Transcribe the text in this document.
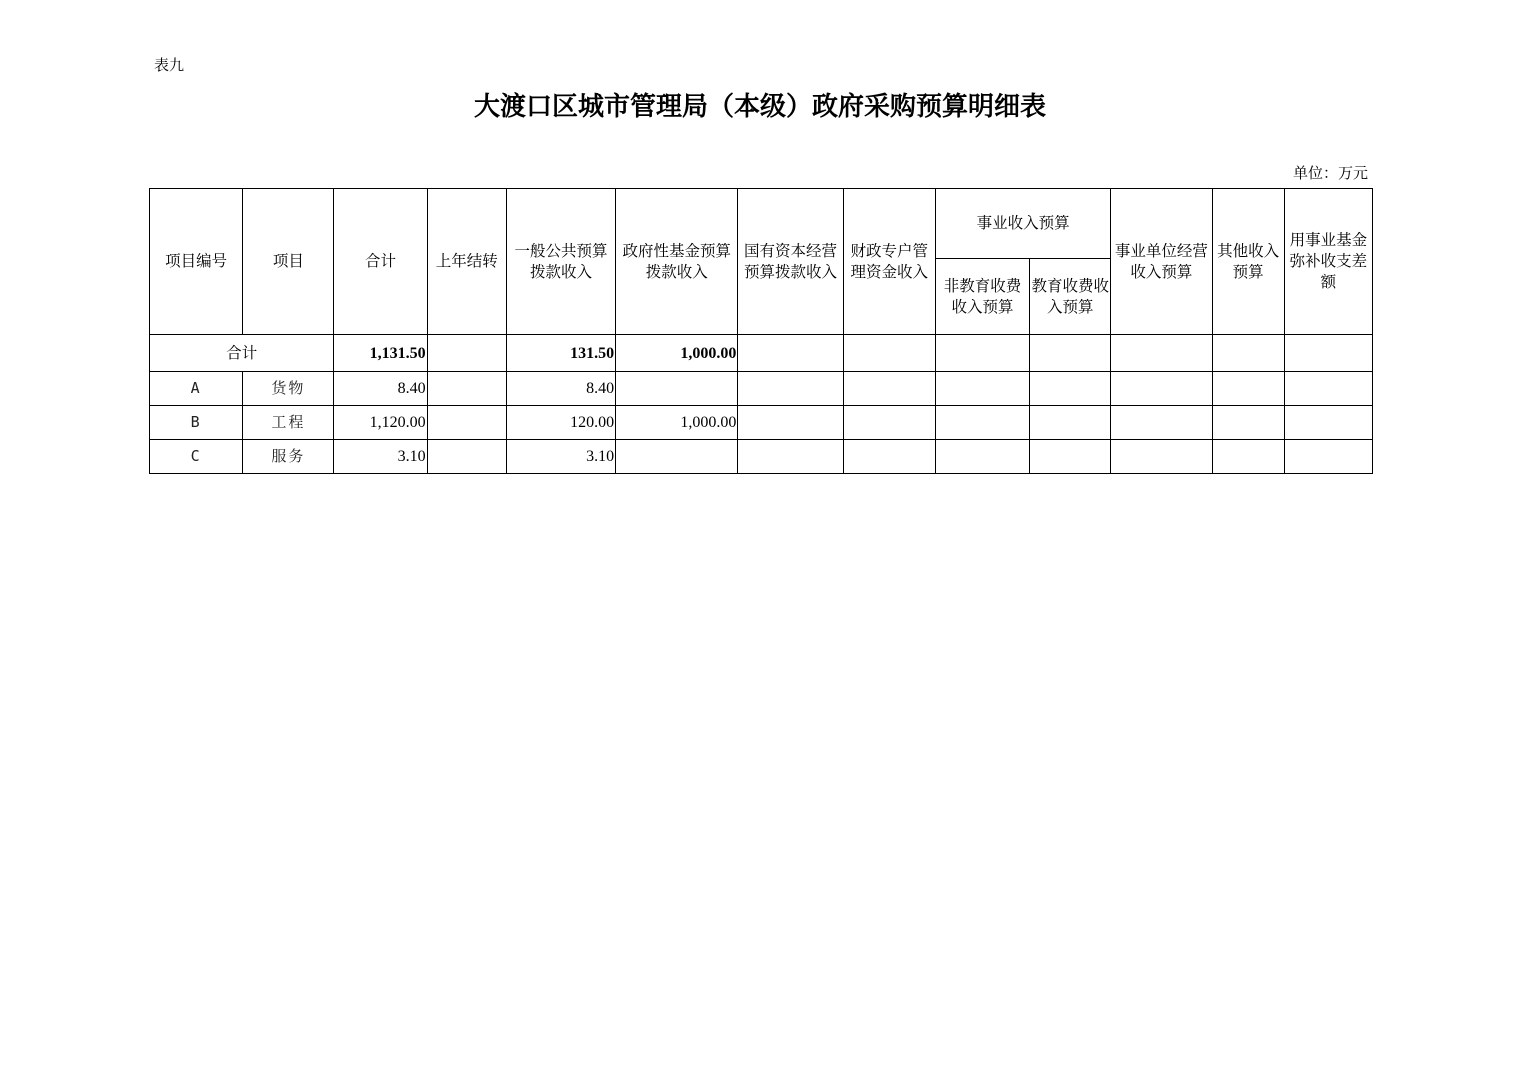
表九
大渡口区城市管理局（本级）政府采购预算明细表
单位：万元
项目编号	项目	合计	上年结转	一般公共预算拨款收入	政府性基金预算拨款收入	国有资本经营预算拨款收入	财政专户管理资金收入	事业收入预算		事业单位经营收入预算	其他收入预算	用事业基金弥补收支差额
								非教育收费收入预算	教育收费收入预算			
合计		1,131.50		131.50	1,000.00							
A	货物	8.40		8.40								
B	工程	1,120.00		120.00	1,000.00							
C	服务	3.10		3.10								
